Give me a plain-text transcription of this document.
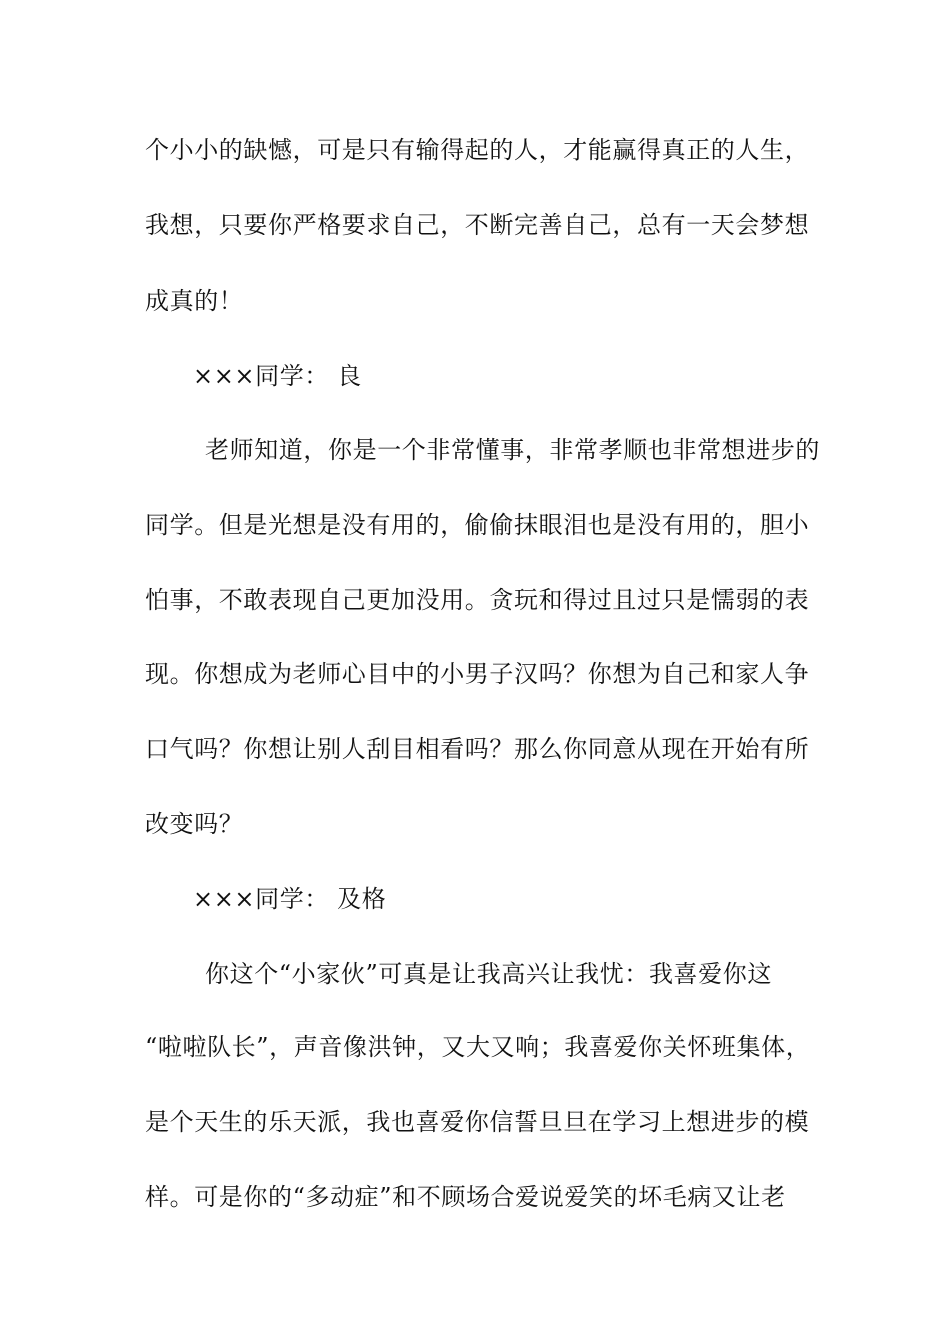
个小小的缺憾，可是只有输得起的人，才能赢得真正的人生，
我想，只要你严格要求自己，不断完善自己，总有一天会梦想
成真的！
×××同学： 良
老师知道，你是一个非常懂事，非常孝顺也非常想进步的
同学。但是光想是没有用的，偷偷抹眼泪也是没有用的，胆小
怕事，不敢表现自己更加没用。贪玩和得过且过只是懦弱的表
现。你想成为老师心目中的小男子汉吗？你想为自己和家人争
口气吗？你想让别人刮目相看吗？那么你同意从现在开始有所
改变吗？
×××同学： 及格
你这个“小家伙”可真是让我高兴让我忧：我喜爱你这
“啦啦队长”，声音像洪钟，又大又响；我喜爱你关怀班集体，
是个天生的乐天派，我也喜爱你信誓旦旦在学习上想进步的模
样。可是你的“多动症”和不顾场合爱说爱笑的坏毛病又让老
